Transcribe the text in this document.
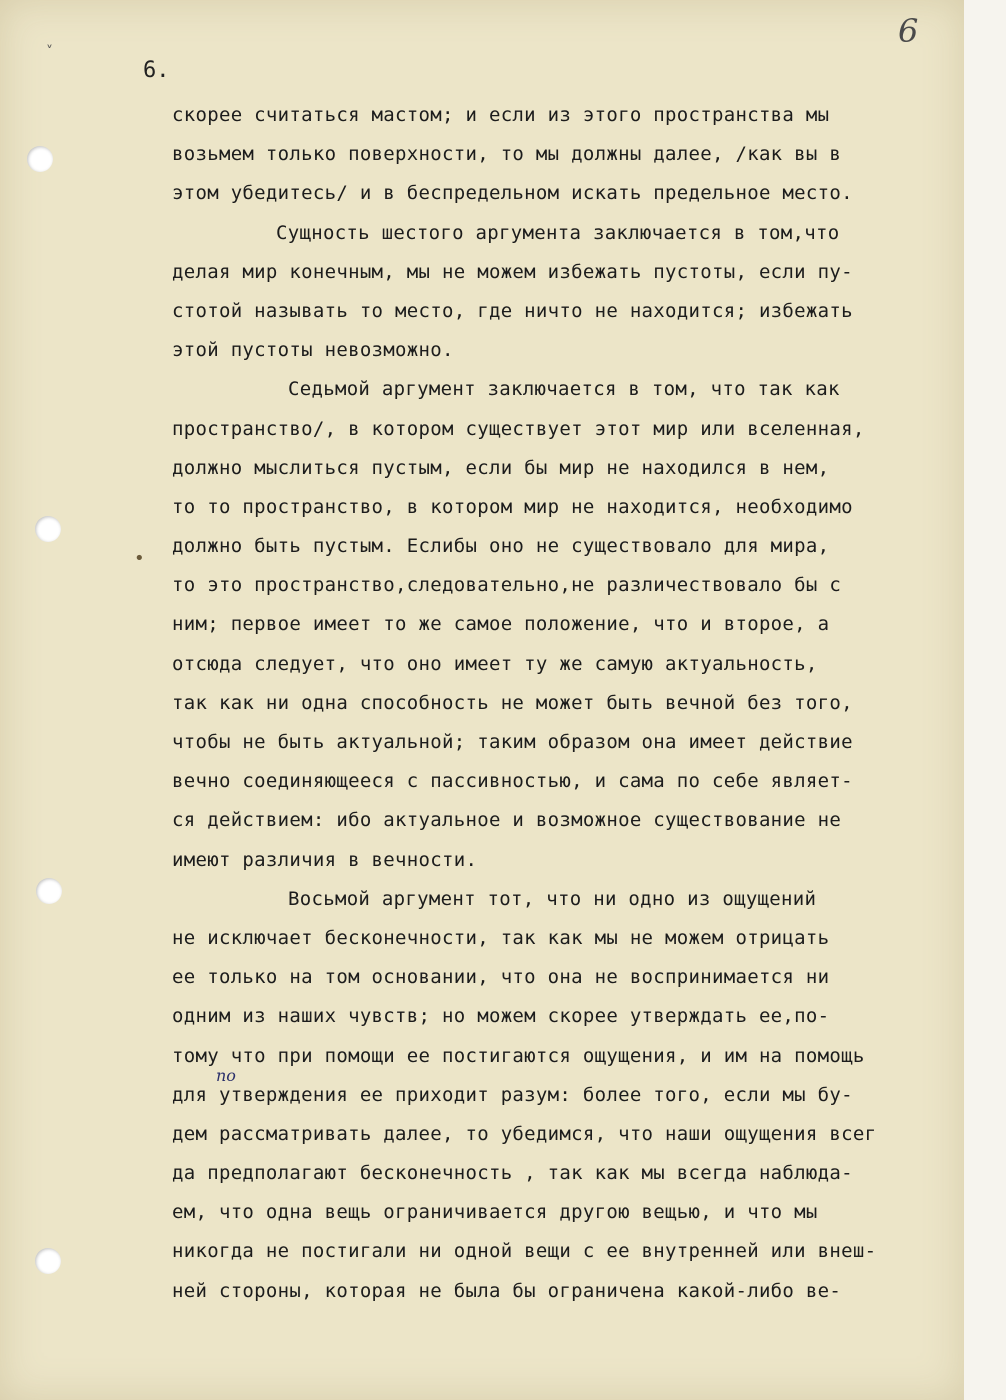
˅
•
6
6.
скорее считаться мастом; и если из этого пространства мы
возьмем только поверхности, то мы должны далее, /как вы в
этом убедитесь/ и в беспредельном искать предельное место.
Сущность шестого аргумента заключается в том,что
делая мир конечным, мы не можем избежать пустоты, если пу-
стотой называть то место, где ничто не находится; избежать
этой пустоты невозможно.
Седьмой аргумент заключается в том, что так как
пространство/, в котором существует этот мир или вселенная,
должно мыслиться пустым, если бы мир не находился в нем,
то то пространство, в котором мир не находится, необходимо
должно быть пустым. Еслибы оно не существовало для мира,
то это пространство,следовательно,не различествовало бы с
ним; первое имеет то же самое положение, что и второе, а
отсюда следует, что оно имеет ту же самую актуальность,
так как ни одна способность не может быть вечной без того,
чтобы не быть актуальной; таким образом она имеет действие
вечно соединяющееся с пассивностью, и сама по себе являет-
ся действием: ибо актуальное и возможное существование не
имеют различия в вечности.
Восьмой аргумент тот, что ни одно из ощущений
не исключает бесконечности, так как мы не можем отрицать
ее только на том основании, что она не воспринимается ни
одним из наших чувств; но можем скорее утверждать ее,по-
тому что при помощи ее постигаются ощущения, и им на помощь
для утверждения ее приходит разум: более того, если мы бу-
дем рассматривать далее, то убедимся, что наши ощущения всег
да предполагают бесконечность , так как мы всегда наблюда-
ем, что одна вещь ограничивается другою вещью, и что мы
никогда не постигали ни одной вещи с ее внутренней или внеш-
ней стороны, которая не была бы ограничена какой-либо ве-
по
